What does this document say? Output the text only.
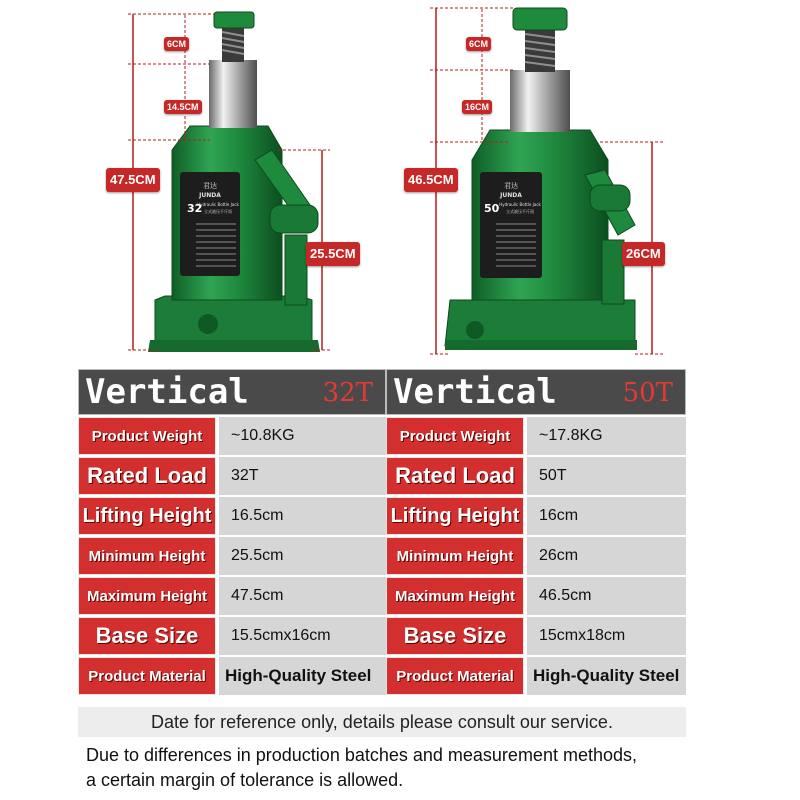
君达
JUNDA
32
Hydraulic Bottle Jack
立式液压千斤顶
6CM
14.5CM
47.5CM
25.5CM
君达
JUNDA
50 Hydraulic Bottle Jack
立式液压千斤顶
6CM
16CM
46.5CM
26CM
Vertical	32T
Product Weight	~10.8KG
Rated Load	32T
Lifting Height	16.5cm
Minimum Height	25.5cm
Maximum Height	47.5cm
Base Size	15.5cmx16cm
Product Material	High-Quality Steel
Vertical	50T
Product Weight	~17.8KG
Rated Load	50T
Lifting Height	16cm
Minimum Height	26cm
Maximum Height	46.5cm
Base Size	15cmx18cm
Product Material	High-Quality Steel
Date for reference only, details please consult our service.
Due to differences in production batches and measurement methods,
a certain margin of tolerance is allowed.
